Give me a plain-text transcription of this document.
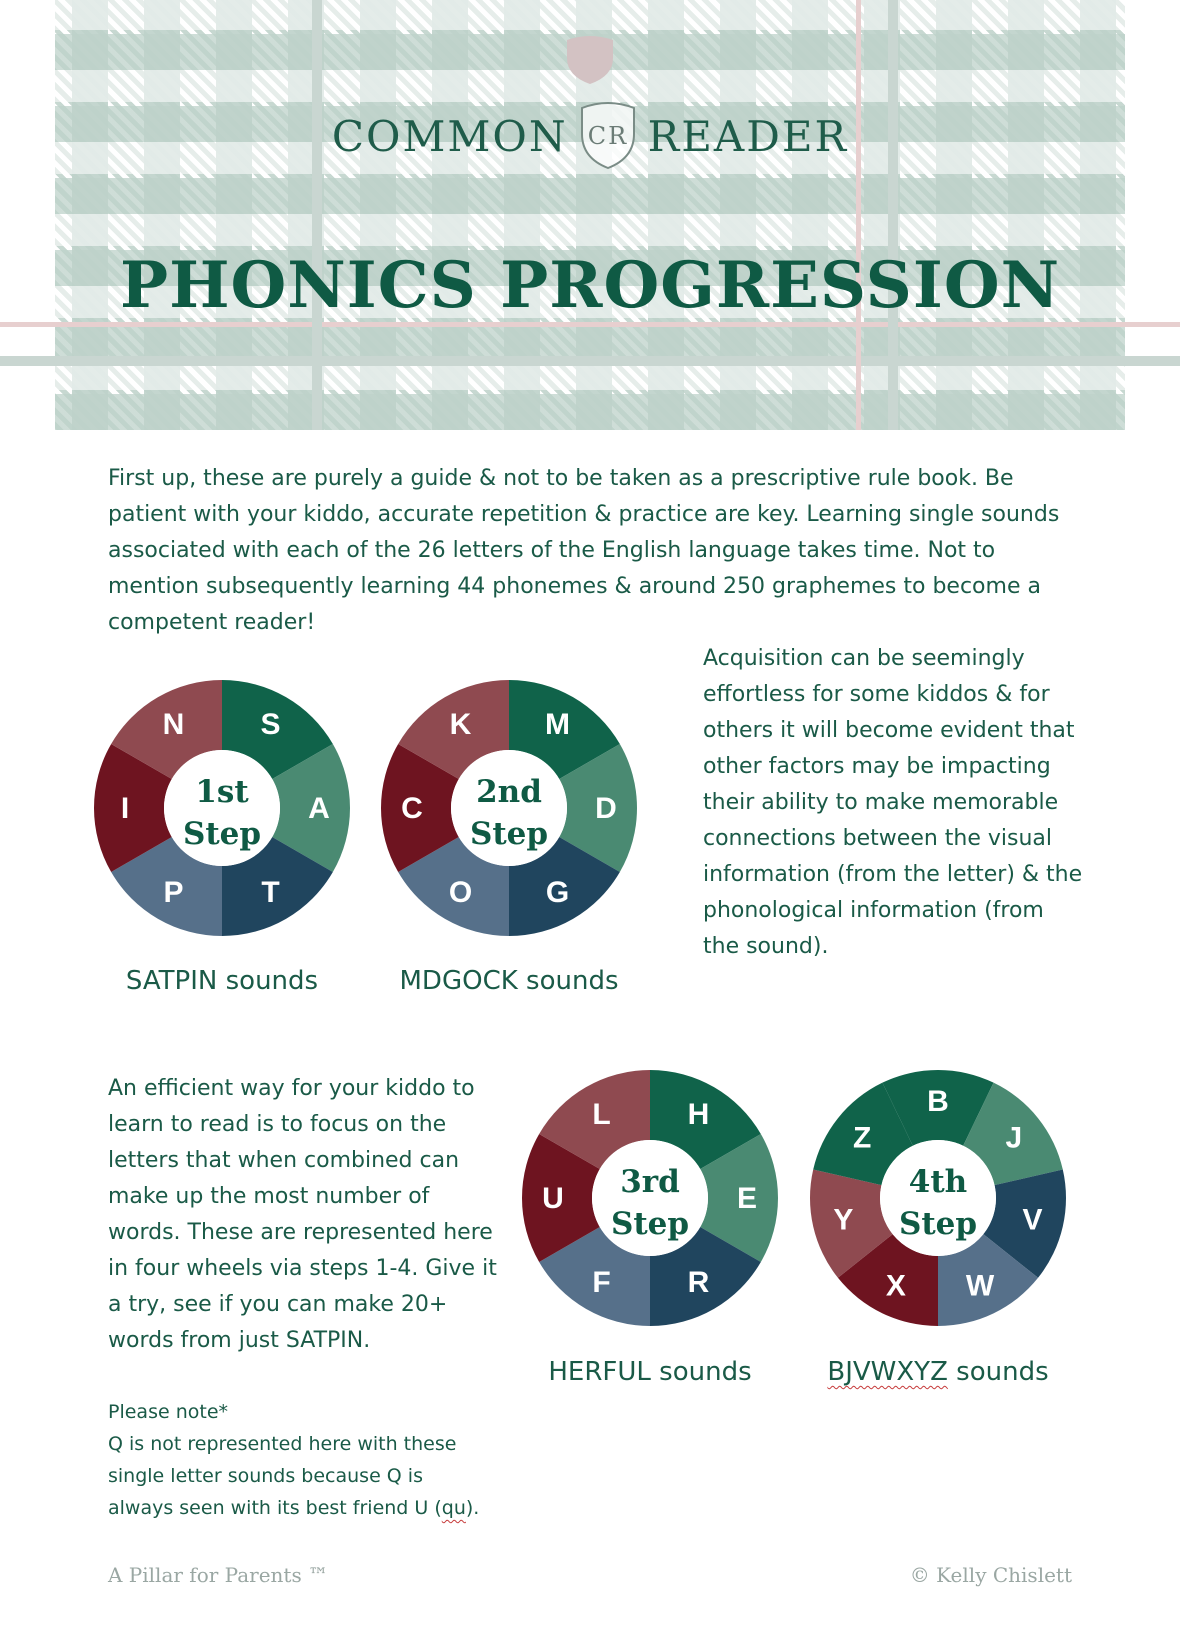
COMMON CR READER
PHONICS PROGRESSION
First up, these are purely a guide & not to be taken as a prescriptive rule book. Be patient with your kiddo, accurate repetition & practice are key. Learning single sounds associated with each of the 26 letters of the English language takes time. Not to mention subsequently learning 44 phonemes & around 250 graphemes to become a competent reader!
Acquisition can be seemingly effortless for some kiddos & for others it will become evident that other factors may be impacting their ability to make memorable connections between the visual information (from the letter) & the phonological information (from the sound).
An efficient way for your kiddo to learn to read is to focus on the letters that when combined can make up the most number of words. These are represented here in four wheels via steps 1-4. Give it a try, see if you can make 20+ words from just SATPIN.
S
A
T
P
I
N
1st
Step
M
D
G
O
C
K
2nd
Step
H
E
R
F
U
L
3rd
Step
B
J
V
W
X
Y
Z
4th
Step
SATPIN sounds	MDGOCK sounds
HERFUL sounds	BJVWXYZ sounds
Please note*
Q is not represented here with these single letter sounds because Q is always seen with its best friend U (qu).
A Pillar for Parents ™	© Kelly Chislett
